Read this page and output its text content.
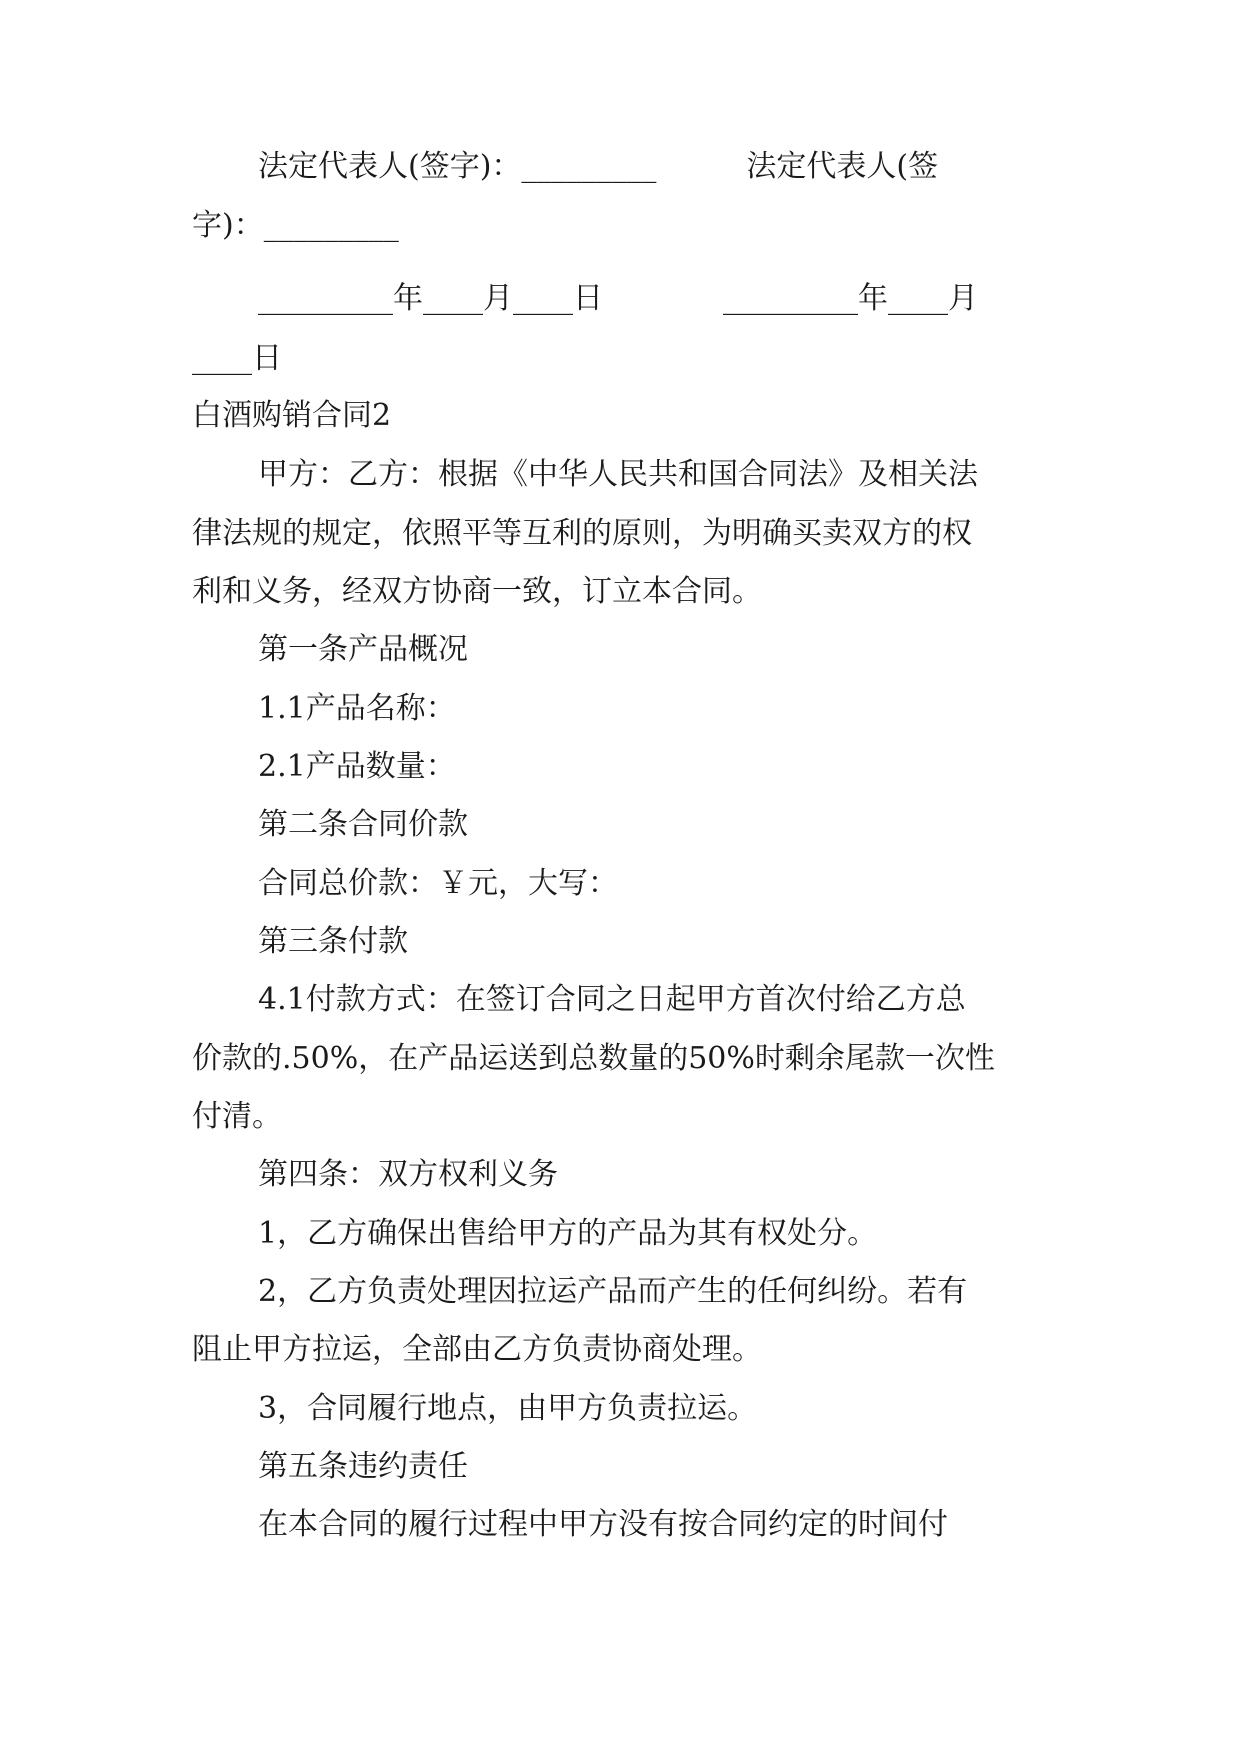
法定代表人(签字)：_________　　　法定代表人(签
字)：_________
_________年____月____日　　　　_________年____月
____日
白酒购销合同2
甲方：乙方：根据《中华人民共和国合同法》及相关法
律法规的规定，依照平等互利的原则，为明确买卖双方的权
利和义务，经双方协商一致，订立本合同。
第一条产品概况
1.1产品名称：
2.1产品数量：
第二条合同价款
合同总价款：￥元，大写：
第三条付款
4.1付款方式：在签订合同之日起甲方首次付给乙方总
价款的.50%，在产品运送到总数量的50%时剩余尾款一次性
付清。
第四条：双方权利义务
1，乙方确保出售给甲方的产品为其有权处分。
2，乙方负责处理因拉运产品而产生的任何纠纷。若有
阻止甲方拉运，全部由乙方负责协商处理。
3，合同履行地点，由甲方负责拉运。
第五条违约责任
在本合同的履行过程中甲方没有按合同约定的时间付
